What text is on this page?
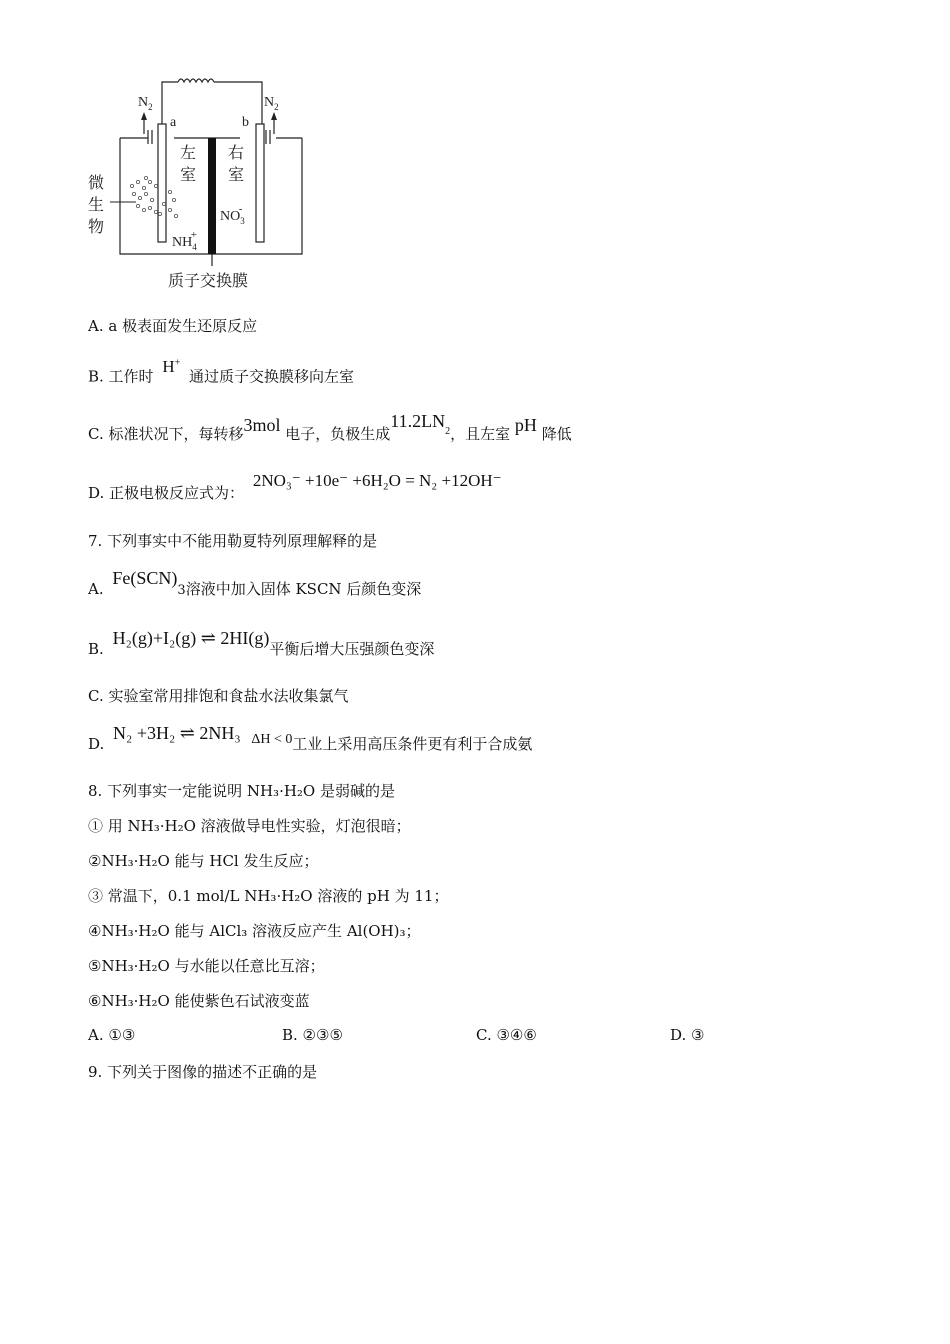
$N_2$	$N_2$
a	b
左
室
右
室
微
生
物
$NO_3-$
$NH_4+$
质子交换膜
A. a 极表面发生还原反应
B. 工作时 H+ 通过质子交换膜移向左室
C. 标准状况下，每转移3mol 电子，负极生成$11.2LN_2$，且左室 pH 降低
D. 正极电极反应式为： 2NO₃⁻ +10e⁻ +6H₂O = N₂ +12OH⁻
7. 下列事实中不能用勒夏特列原理解释的是
A. Fe(SCN)3溶液中加入固体 KSCN 后颜色变深
B. H₂(g)+I₂(g) ⇌ 2HI(g)平衡后增大压强颜色变深
C. 实验室常用排饱和食盐水法收集氯气
D. N₂ +3H₂ ⇌ 2NH₃ ΔH < 0工业上采用高压条件更有利于合成氨
8. 下列事实一定能说明 NH₃·H₂O 是弱碱的是
① 用 NH₃·H₂O 溶液做导电性实验，灯泡很暗；
②NH₃·H₂O 能与 HCl 发生反应；
③ 常温下，0.1 mol/L NH₃·H₂O 溶液的 pH 为 11；
④NH₃·H₂O 能与 AlCl₃ 溶液反应产生 Al(OH)₃；
⑤NH₃·H₂O 与水能以任意比互溶；
⑥NH₃·H₂O 能使紫色石试液变蓝
A. ①③	B. ②③⑤	C. ③④⑥	D. ③
9. 下列关于图像的描述不正确的是
